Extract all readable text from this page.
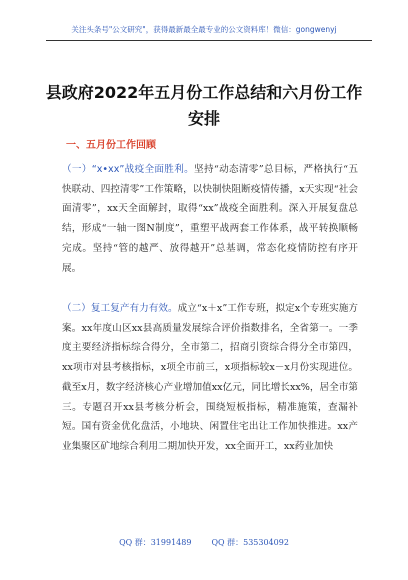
关注头条号"公文研究"，获得最新最全最专业的公文资料库！微信：gongwenyj
县政府2022年五月份工作总结和六月份工作安排
一、五月份工作回顾
（一）“x•xx”战疫全面胜利。坚持“动态清零”总目标，严格执行“五快联动、四控清零”工作策略，以快制快阻断疫情传播，x天实现“社会面清零”，xx天全面解封，取得“xx”战疫全面胜利。深入开展复盘总结，形成“一轴一图N制度”，重塑平战两套工作体系，战平转换顺畅完成。坚持“管的越严、放得越开”总基调，常态化疫情防控有序开展。
（二）复工复产有力有效。成立“x＋x”工作专班，拟定x个专班实施方案。xx年度山区xx县高质量发展综合评价指数排名，全省第一。一季度主要经济指标综合得分，全市第二，招商引资综合得分全市第四，xx项市对县考核指标，x项全市前三，x项指标较x－x月份实现进位。截至x月，数字经济核心产业增加值xx亿元，同比增长xx%，居全市第三。专题召开xx县考核分析会，围绕短板指标，精准施策，查漏补短。国有资金优化盘活，小地块、闲置住宅出让工作加快推进。xx产业集聚区矿地综合利用二期加快开发，xx全面开工，xx药业加快
QQ 群：31991489	QQ 群：535304092
